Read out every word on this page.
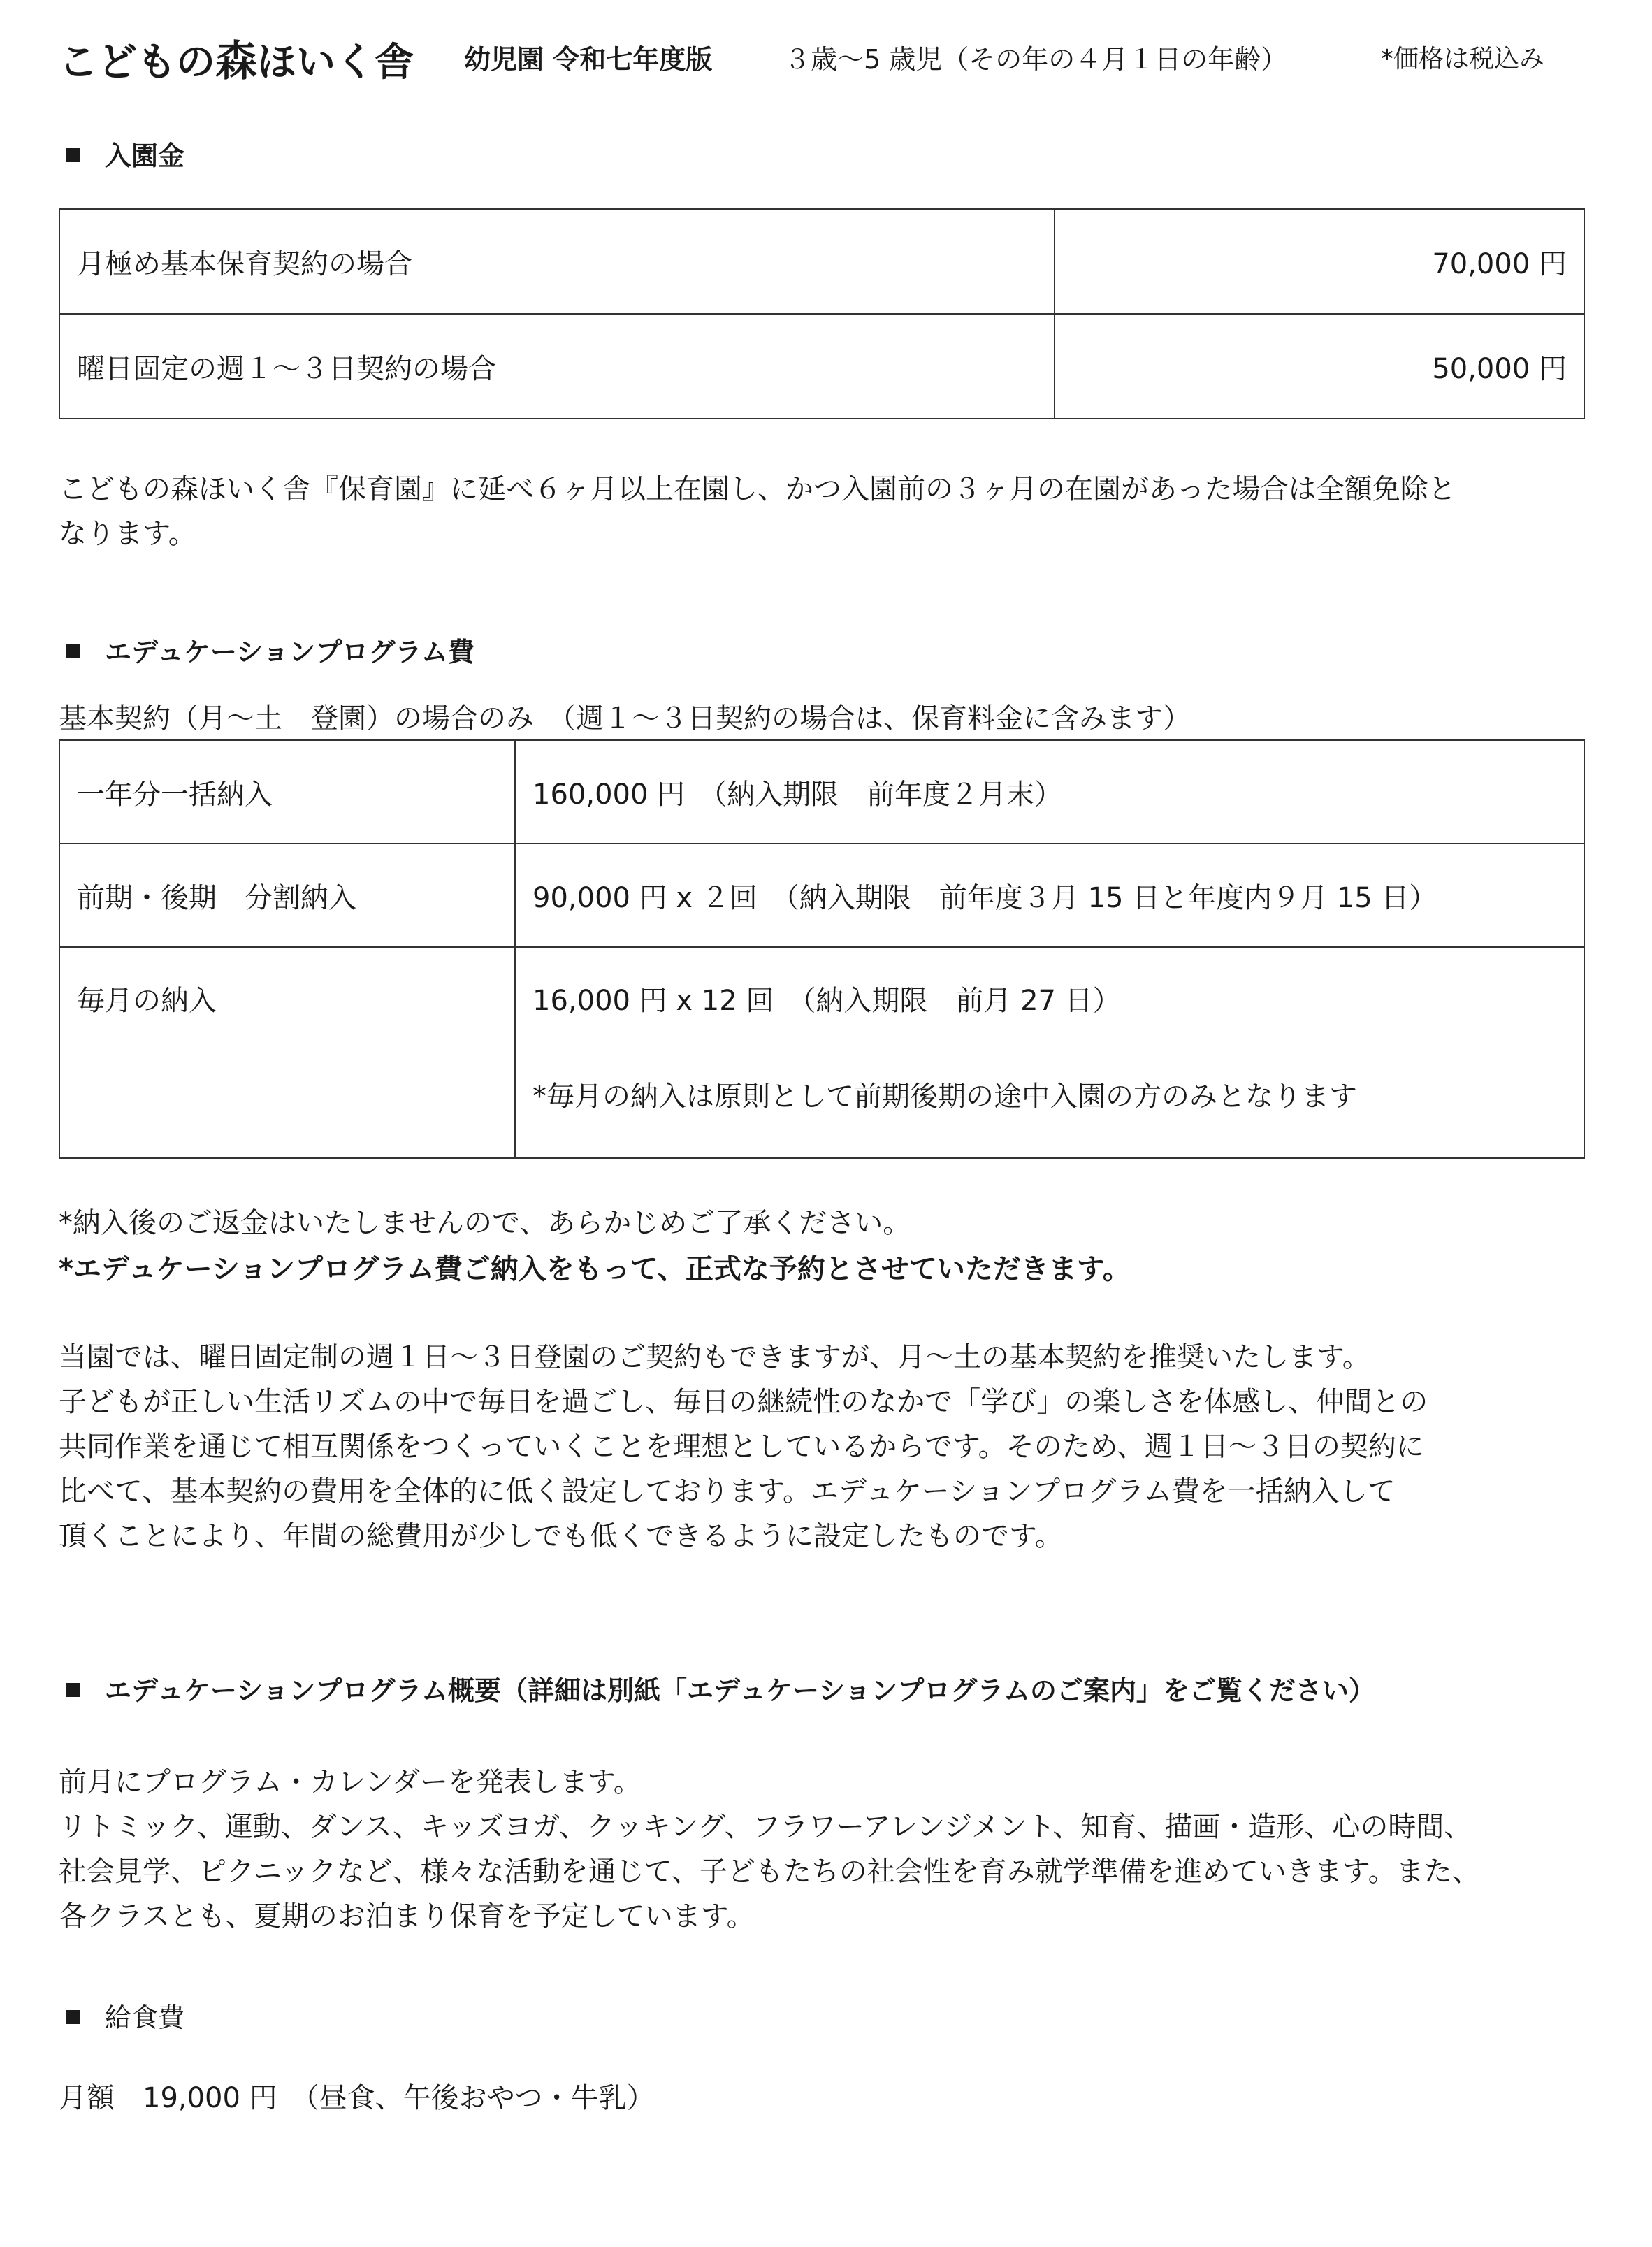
こどもの森ほいく舎 幼児園 令和七年度版	３歳～5 歳児（その年の４月１日の年齢）	*価格は税込み
入園金
月極め基本保育契約の場合	70,000 円
曜日固定の週１～３日契約の場合	50,000 円
こどもの森ほいく舎『保育園』に延べ６ヶ月以上在園し、かつ入園前の３ヶ月の在園があった場合は全額免除と
なります。
エデュケーションプログラム費
基本契約（月～土　登園）の場合のみ　（週１～３日契約の場合は、保育料金に含みます）
一年分一括納入	160,000 円　（納入期限　前年度２月末）
前期・後期　分割納入	90,000 円 x ２回　（納入期限　前年度３月 15 日と年度内９月 15 日）
毎月の納入	16,000 円 x 12 回　（納入期限　前月 27 日）
*毎月の納入は原則として前期後期の途中入園の方のみとなります
*納入後のご返金はいたしませんので、あらかじめご了承ください。
*エデュケーションプログラム費ご納入をもって、正式な予約とさせていただきます。
当園では、曜日固定制の週１日～３日登園のご契約もできますが、月～土の基本契約を推奨いたします。
子どもが正しい生活リズムの中で毎日を過ごし、毎日の継続性のなかで「学び」の楽しさを体感し、仲間との
共同作業を通じて相互関係をつくっていくことを理想としているからです。そのため、週１日～３日の契約に
比べて、基本契約の費用を全体的に低く設定しております。エデュケーションプログラム費を一括納入して
頂くことにより、年間の総費用が少しでも低くできるように設定したものです。
エデュケーションプログラム概要（詳細は別紙「エデュケーションプログラムのご案内」をご覧ください）
前月にプログラム・カレンダーを発表します。
リトミック、運動、ダンス、キッズヨガ、クッキング、フラワーアレンジメント、知育、描画・造形、心の時間、
社会見学、ピクニックなど、様々な活動を通じて、子どもたちの社会性を育み就学準備を進めていきます。また、
各クラスとも、夏期のお泊まり保育を予定しています。
給食費
月額　19,000 円　（昼食、午後おやつ・牛乳）
